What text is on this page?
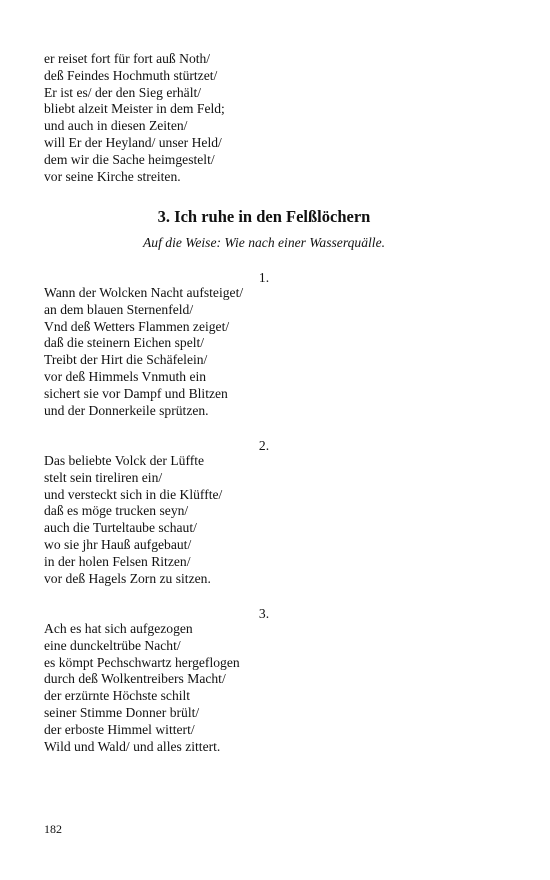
er reiset fort für fort auß Noth/
deß Feindes Hochmuth stürtzet/
Er ist es/ der den Sieg erhält/
bliebt alzeit Meister in dem Feld;
und auch in diesen Zeiten/
will Er der Heyland/ unser Held/
dem wir die Sache heimgestelt/
vor seine Kirche streiten.
3. Ich ruhe in den Felßlöchern

Auf die Weise: Wie nach einer Wasserquälle.

1.
Wann der Wolcken Nacht aufsteiget/
an dem blauen Sternenfeld/
Vnd deß Wetters Flammen zeiget/
daß die steinern Eichen spelt/
Treibt der Hirt die Schäfelein/
vor deß Himmels Vnmuth ein
sichert sie vor Dampf und Blitzen
und der Donnerkeile sprützen.
2.
Das beliebte Volck der Lüffte
stelt sein tireliren ein/
und versteckt sich in die Klüffte/
daß es möge trucken seyn/
auch die Turteltaube schaut/
wo sie jhr Hauß aufgebaut/
in der holen Felsen Ritzen/
vor deß Hagels Zorn zu sitzen.
3.
Ach es hat sich aufgezogen
eine dunckeltrübe Nacht/
es kömpt Pechschwartz hergeflogen
durch deß Wolkentreibers Macht/
der erzürnte Höchste schilt
seiner Stimme Donner brült/
der erboste Himmel wittert/
Wild und Wald/ und alles zittert.
182
